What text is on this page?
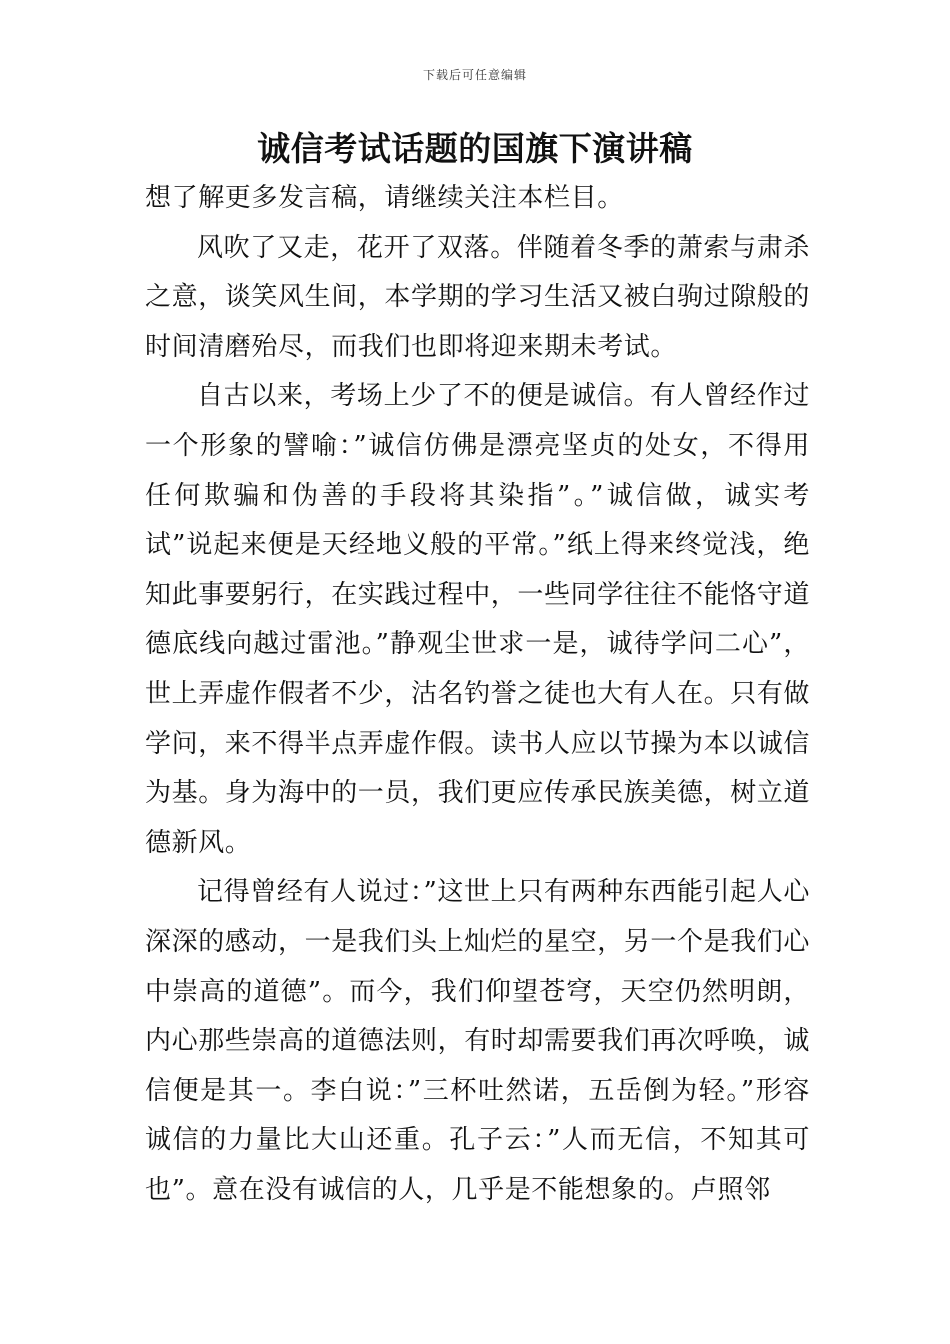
下载后可任意编辑
诚信考试话题的国旗下演讲稿

想了解更多发言稿，请继续关注本栏目。

风吹了又走，花开了双落。伴随着冬季的萧索与肃杀之意，谈笑风生间，本学期的学习生活又被白驹过隙般的时间清磨殆尽，而我们也即将迎来期未考试。

自古以来，考场上少了不的便是诚信。有人曾经作过一个形象的譬喻：”诚信仿佛是漂亮坚贞的处女，不得用任何欺骗和伪善的手段将其染指”。”诚信做，诚实考试”说起来便是天经地义般的平常。”纸上得来终觉浅，绝知此事要躬行，在实践过程中，一些同学往往不能恪守道德底线向越过雷池。”静观尘世求一是，诚待学问二心”，世上弄虚作假者不少，沽名钓誉之徒也大有人在。只有做学问，来不得半点弄虚作假。读书人应以节操为本以诚信为基。身为海中的一员，我们更应传承民族美德，树立道德新风。

记得曾经有人说过：”这世上只有两种东西能引起人心深深的感动，一是我们头上灿烂的星空，另一个是我们心中崇高的道德”。而今，我们仰望苍穹，天空仍然明朗，内心那些崇高的道德法则，有时却需要我们再次呼唤，诚信便是其一。李白说：”三杯吐然诺，五岳倒为轻。”形容诚信的力量比大山还重。孔子云：”人而无信，不知其可也”。意在没有诚信的人，几乎是不能想象的。卢照邻
